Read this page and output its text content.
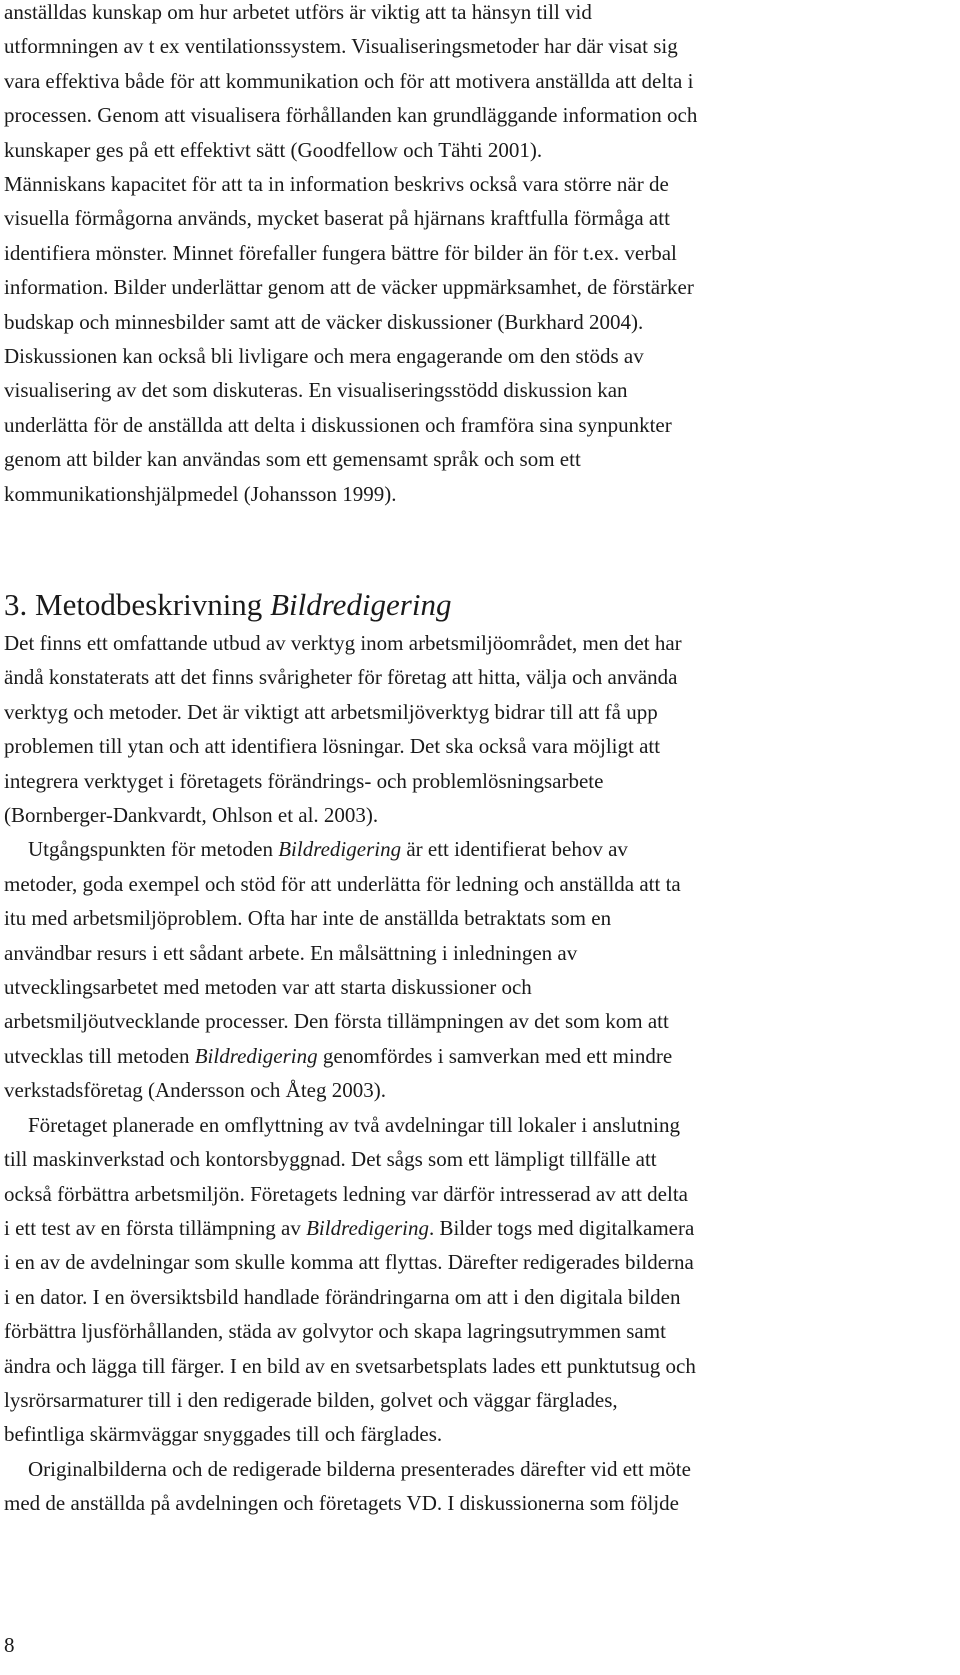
anställdas kunskap om hur arbetet utförs är viktig att ta hänsyn till vid
utformningen av t ex ventilationssystem. Visualiseringsmetoder har där visat sig
vara effektiva både för att kommunikation och för att motivera anställda att delta i
processen. Genom att visualisera förhållanden kan grundläggande information och
kunskaper ges på ett effektivt sätt (Goodfellow och Tähti 2001).
Människans kapacitet för att ta in information beskrivs också vara större när de
visuella förmågorna används, mycket baserat på hjärnans kraftfulla förmåga att
identifiera mönster. Minnet förefaller fungera bättre för bilder än för t.ex. verbal
information. Bilder underlättar genom att de väcker uppmärksamhet, de förstärker
budskap och minnesbilder samt att de väcker diskussioner (Burkhard 2004).
Diskussionen kan också bli livligare och mera engagerande om den stöds av
visualisering av det som diskuteras. En visualiseringsstödd diskussion kan
underlätta för de anställda att delta i diskussionen och framföra sina synpunkter
genom att bilder kan användas som ett gemensamt språk och som ett
kommunikationshjälpmedel (Johansson 1999).
3. Metodbeskrivning Bildredigering
Det finns ett omfattande utbud av verktyg inom arbetsmiljöområdet, men det har
ändå konstaterats att det finns svårigheter för företag att hitta, välja och använda
verktyg och metoder. Det är viktigt att arbetsmiljöverktyg bidrar till att få upp
problemen till ytan och att identifiera lösningar. Det ska också vara möjligt att
integrera verktyget i företagets förändrings- och problemlösningsarbete
(Bornberger-Dankvardt, Ohlson et al. 2003).
Utgångspunkten för metoden Bildredigering är ett identifierat behov av
metoder, goda exempel och stöd för att underlätta för ledning och anställda att ta
itu med arbetsmiljöproblem. Ofta har inte de anställda betraktats som en
användbar resurs i ett sådant arbete. En målsättning i inledningen av
utvecklingsarbetet med metoden var att starta diskussioner och
arbetsmiljöutvecklande processer. Den första tillämpningen av det som kom att
utvecklas till metoden Bildredigering genomfördes i samverkan med ett mindre
verkstadsföretag (Andersson och Åteg 2003).
Företaget planerade en omflyttning av två avdelningar till lokaler i anslutning
till maskinverkstad och kontorsbyggnad. Det sågs som ett lämpligt tillfälle att
också förbättra arbetsmiljön. Företagets ledning var därför intresserad av att delta
i ett test av en första tillämpning av Bildredigering. Bilder togs med digitalkamera
i en av de avdelningar som skulle komma att flyttas. Därefter redigerades bilderna
i en dator. I en översiktsbild handlade förändringarna om att i den digitala bilden
förbättra ljusförhållanden, städa av golvytor och skapa lagringsutrymmen samt
ändra och lägga till färger. I en bild av en svetsarbetsplats lades ett punktutsug och
lysrörsarmaturer till i den redigerade bilden, golvet och väggar färglades,
befintliga skärmväggar snyggades till och färglades.
Originalbilderna och de redigerade bilderna presenterades därefter vid ett möte
med de anställda på avdelningen och företagets VD. I diskussionerna som följde
8
